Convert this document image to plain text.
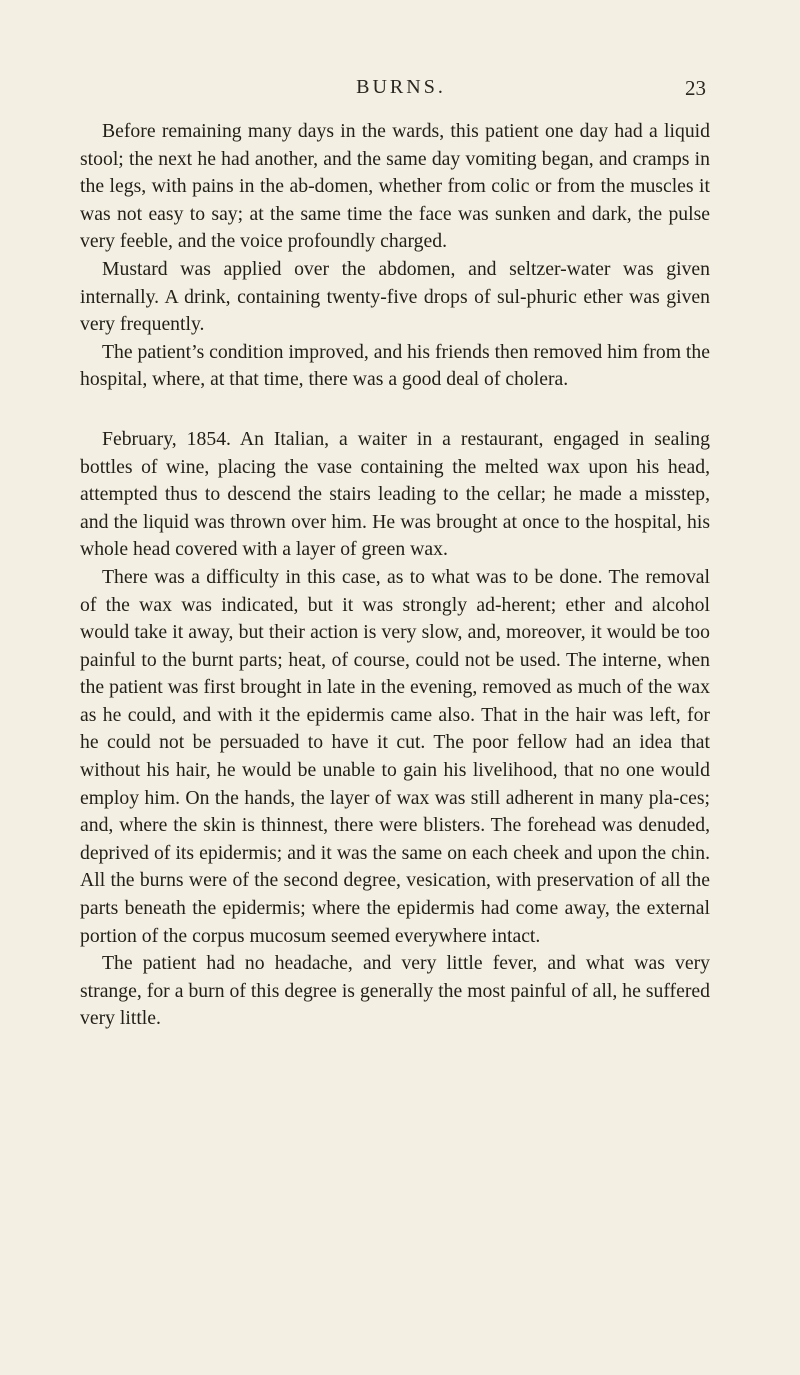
BURNS.	23

Before remaining many days in the wards, this patient one day had a liquid stool; the next he had another, and the same day vomiting began, and cramps in the legs, with pains in the ab-domen, whether from colic or from the muscles it was not easy to say; at the same time the face was sunken and dark, the pulse very feeble, and the voice profoundly charged.

Mustard was applied over the abdomen, and seltzer-water was given internally. A drink, containing twenty-five drops of sul-phuric ether was given very frequently.

The patient’s condition improved, and his friends then removed him from the hospital, where, at that time, there was a good deal of cholera.

February, 1854. An Italian, a waiter in a restaurant, engaged in sealing bottles of wine, placing the vase containing the melted wax upon his head, attempted thus to descend the stairs leading to the cellar; he made a misstep, and the liquid was thrown over him. He was brought at once to the hospital, his whole head covered with a layer of green wax.

There was a difficulty in this case, as to what was to be done. The removal of the wax was indicated, but it was strongly ad-herent; ether and alcohol would take it away, but their action is very slow, and, moreover, it would be too painful to the burnt parts; heat, of course, could not be used. The interne, when the patient was first brought in late in the evening, removed as much of the wax as he could, and with it the epidermis came also. That in the hair was left, for he could not be persuaded to have it cut. The poor fellow had an idea that without his hair, he would be unable to gain his livelihood, that no one would employ him. On the hands, the layer of wax was still adherent in many pla-ces; and, where the skin is thinnest, there were blisters. The forehead was denuded, deprived of its epidermis; and it was the same on each cheek and upon the chin. All the burns were of the second degree, vesication, with preservation of all the parts beneath the epidermis; where the epidermis had come away, the external portion of the corpus mucosum seemed everywhere intact.

The patient had no headache, and very little fever, and what was very strange, for a burn of this degree is generally the most painful of all, he suffered very little.
